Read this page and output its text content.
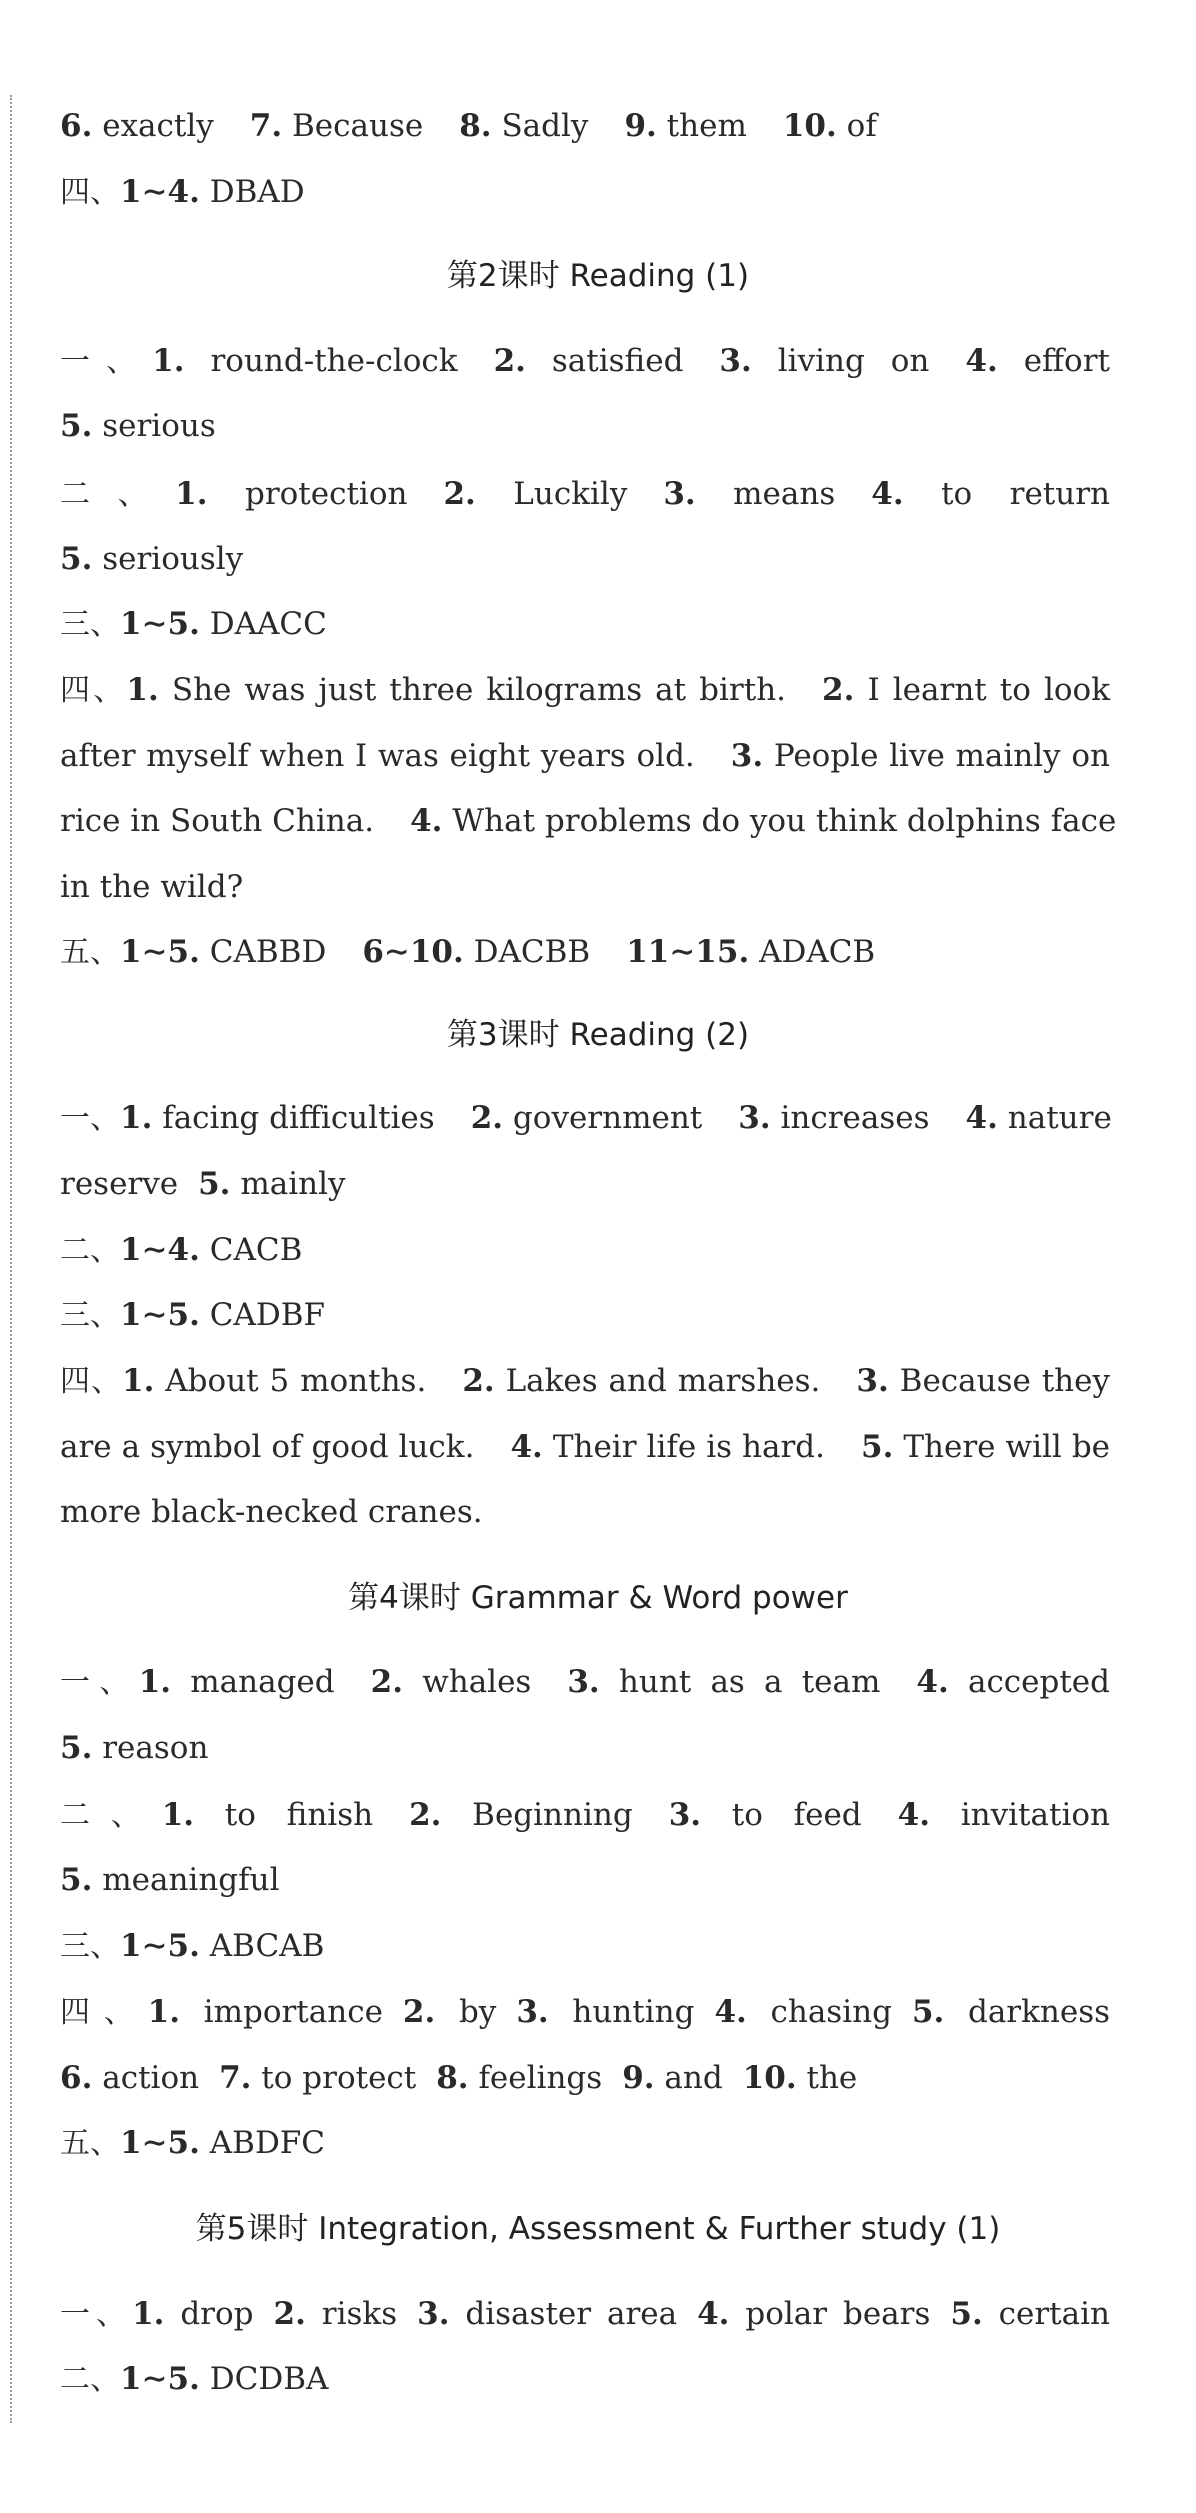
6. exactly 7. Because 8. Sadly 9. them 10. of
四、1∼4. DBAD
第2课时 Reading (1)
一、1. round-the-clock 2. satisfied 3. living on 4. effort
5. serious
二、1. protection 2. Luckily 3. means 4. to return
5. seriously
三、1∼5. DAACC
四、1. She was just three kilograms at birth. 2. I learnt to look
after myself when I was eight years old. 3. People live mainly on
rice in South China. 4. What problems do you think dolphins face
in the wild?
五、1∼5. CABBD 6∼10. DACBB 11∼15. ADACB
第3课时 Reading (2)
一、1. facing difficulties 2. government 3. increases 4. nature
reserve 5. mainly
二、1∼4. CACB
三、1∼5. CADBF
四、1. About 5 months. 2. Lakes and marshes. 3. Because they
are a symbol of good luck. 4. Their life is hard. 5. There will be
more black-necked cranes.
第4课时 Grammar & Word power
一、1. managed 2. whales 3. hunt as a team 4. accepted
5. reason
二、1. to finish 2. Beginning 3. to feed 4. invitation
5. meaningful
三、1∼5. ABCAB
四、1. importance 2. by 3. hunting 4. chasing 5. darkness
6. action 7. to protect 8. feelings 9. and 10. the
五、1∼5. ABDFC
第5课时 Integration, Assessment & Further study (1)
一、1. drop 2. risks 3. disaster area 4. polar bears 5. certain
二、1∼5. DCDBA
